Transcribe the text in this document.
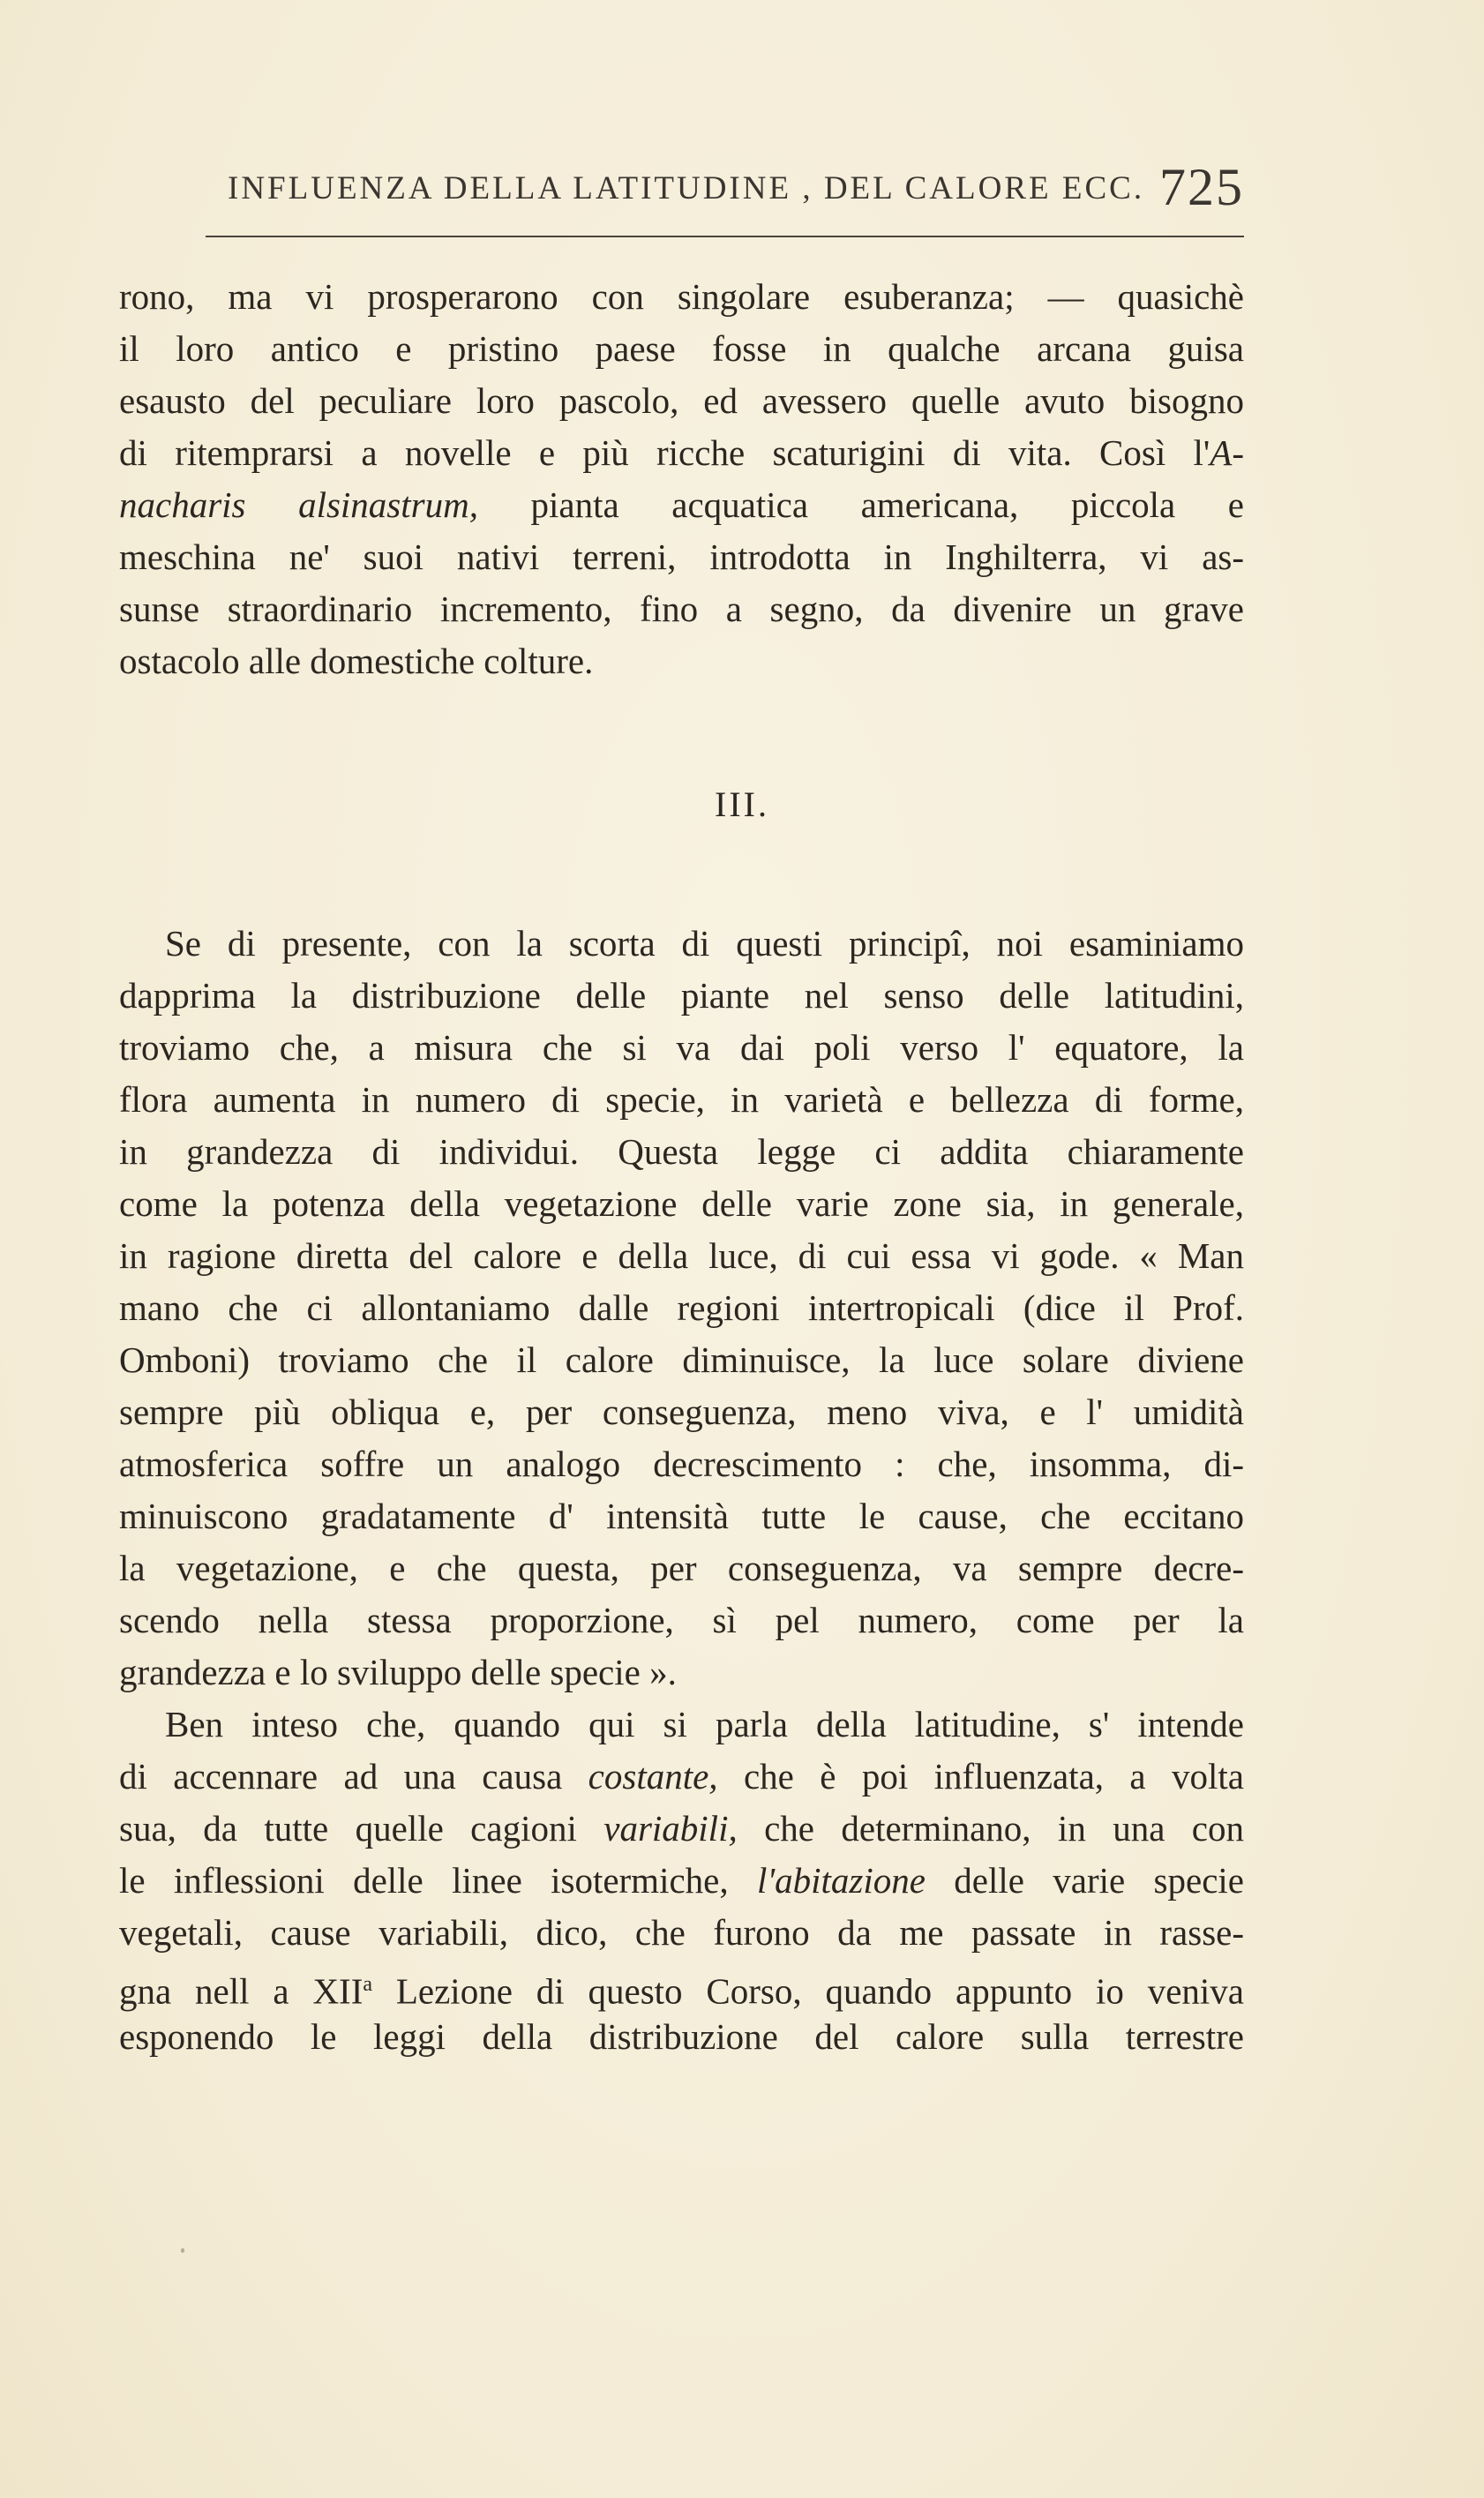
INFLUENZA DELLA LATITUDINE , DEL CALORE ECC. 725
rono, ma vi prosperarono con singolare esuberanza; — quasichè
il loro antico e pristino paese fosse in qualche arcana guisa
esausto del peculiare loro pascolo, ed avessero quelle avuto bisogno
di ritemprarsi a novelle e più ricche scaturigini di vita. Così l'A-
nacharis alsinastrum, pianta acquatica americana, piccola e
meschina ne' suoi nativi terreni, introdotta in Inghilterra, vi as-
sunse straordinario incremento, fino a segno, da divenire un grave
ostacolo alle domestiche colture.
III.
Se di presente, con la scorta di questi principî, noi esaminiamo
dapprima la distribuzione delle piante nel senso delle latitudini,
troviamo che, a misura che si va dai poli verso l' equatore, la
flora aumenta in numero di specie, in varietà e bellezza di forme,
in grandezza di individui. Questa legge ci addita chiaramente
come la potenza della vegetazione delle varie zone sia, in generale,
in ragione diretta del calore e della luce, di cui essa vi gode. « Man
mano che ci allontaniamo dalle regioni intertropicali (dice il Prof.
Omboni) troviamo che il calore diminuisce, la luce solare diviene
sempre più obliqua e, per conseguenza, meno viva, e l' umidità
atmosferica soffre un analogo decrescimento : che, insomma, di-
minuiscono gradatamente d' intensità tutte le cause, che eccitano
la vegetazione, e che questa, per conseguenza, va sempre decre-
scendo nella stessa proporzione, sì pel numero, come per la
grandezza e lo sviluppo delle specie ».
Ben inteso che, quando qui si parla della latitudine, s' intende
di accennare ad una causa costante, che è poi influenzata, a volta
sua, da tutte quelle cagioni variabili, che determinano, in una con
le inflessioni delle linee isotermiche, l'abitazione delle varie specie
vegetali, cause variabili, dico, che furono da me passate in rasse-
gna nell a XII$^a$ Lezione di questo Corso, quando appunto io veniva
esponendo le leggi della distribuzione del calore sulla terrestre
